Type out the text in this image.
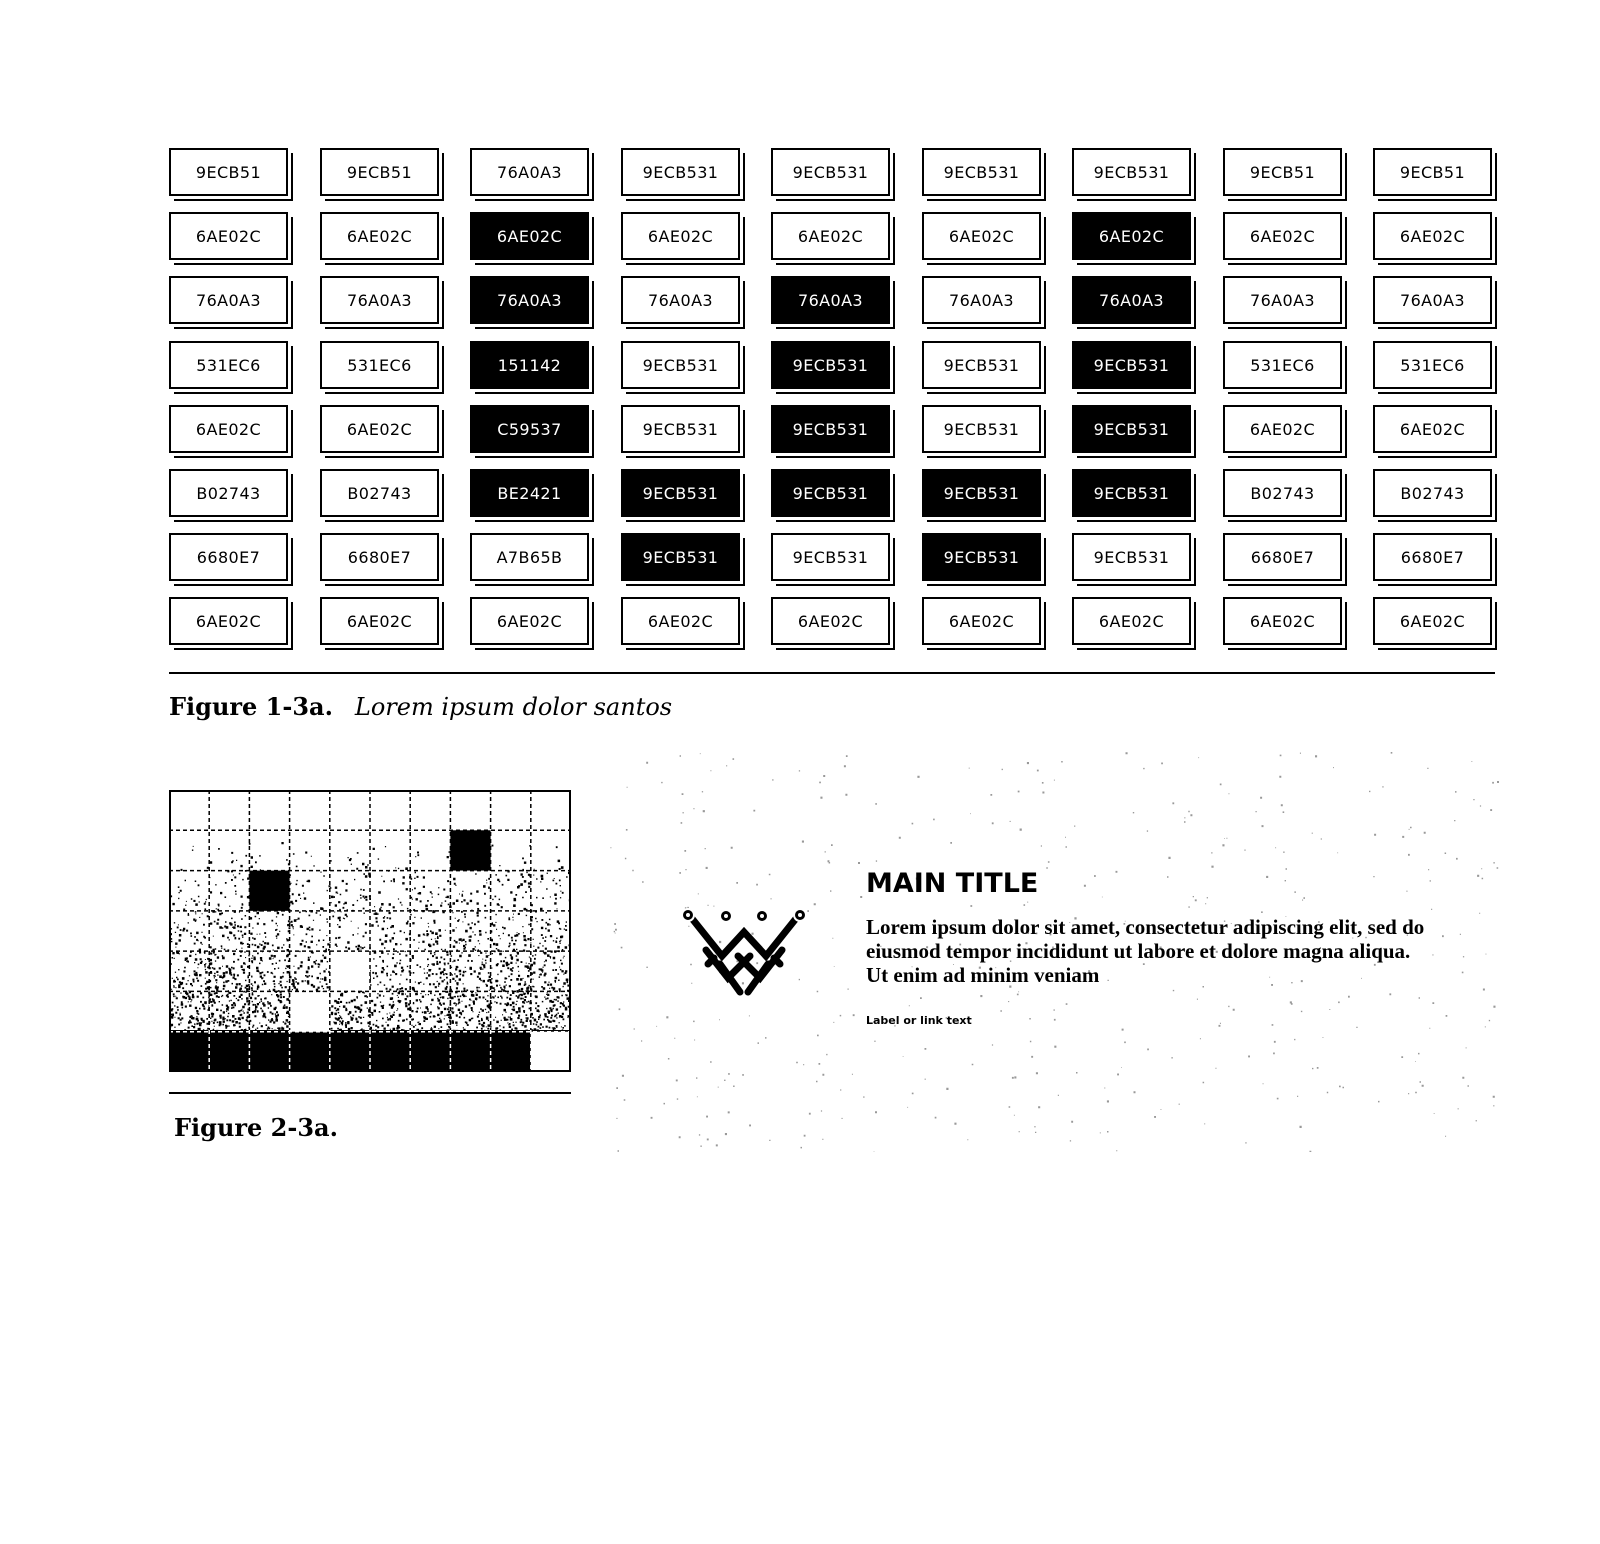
9ECB51	9ECB51	76A0A3	9ECB531	9ECB531	9ECB531	9ECB531	9ECB51	9ECB51
6AE02C	6AE02C	6AE02C	6AE02C	6AE02C	6AE02C	6AE02C	6AE02C	6AE02C
76A0A3	76A0A3	76A0A3	76A0A3	76A0A3	76A0A3	76A0A3	76A0A3	76A0A3
531EC6	531EC6	151142	9ECB531	9ECB531	9ECB531	9ECB531	531EC6	531EC6
6AE02C	6AE02C	C59537	9ECB531	9ECB531	9ECB531	9ECB531	6AE02C	6AE02C
B02743	B02743	BE2421	9ECB531	9ECB531	9ECB531	9ECB531	B02743	B02743
6680E7	6680E7	A7B65B	9ECB531	9ECB531	9ECB531	9ECB531	6680E7	6680E7
6AE02C	6AE02C	6AE02C	6AE02C	6AE02C	6AE02C	6AE02C	6AE02C	6AE02C
Figure 1-3a. Lorem ipsum dolor santos
Figure 2-3a.
MAIN TITLE

Lorem ipsum dolor sit amet, consectetur adipiscing elit, sed do eiusmod tempor incididunt ut labore et dolore magna aliqua. Ut enim ad minim veniam

Label or link text
